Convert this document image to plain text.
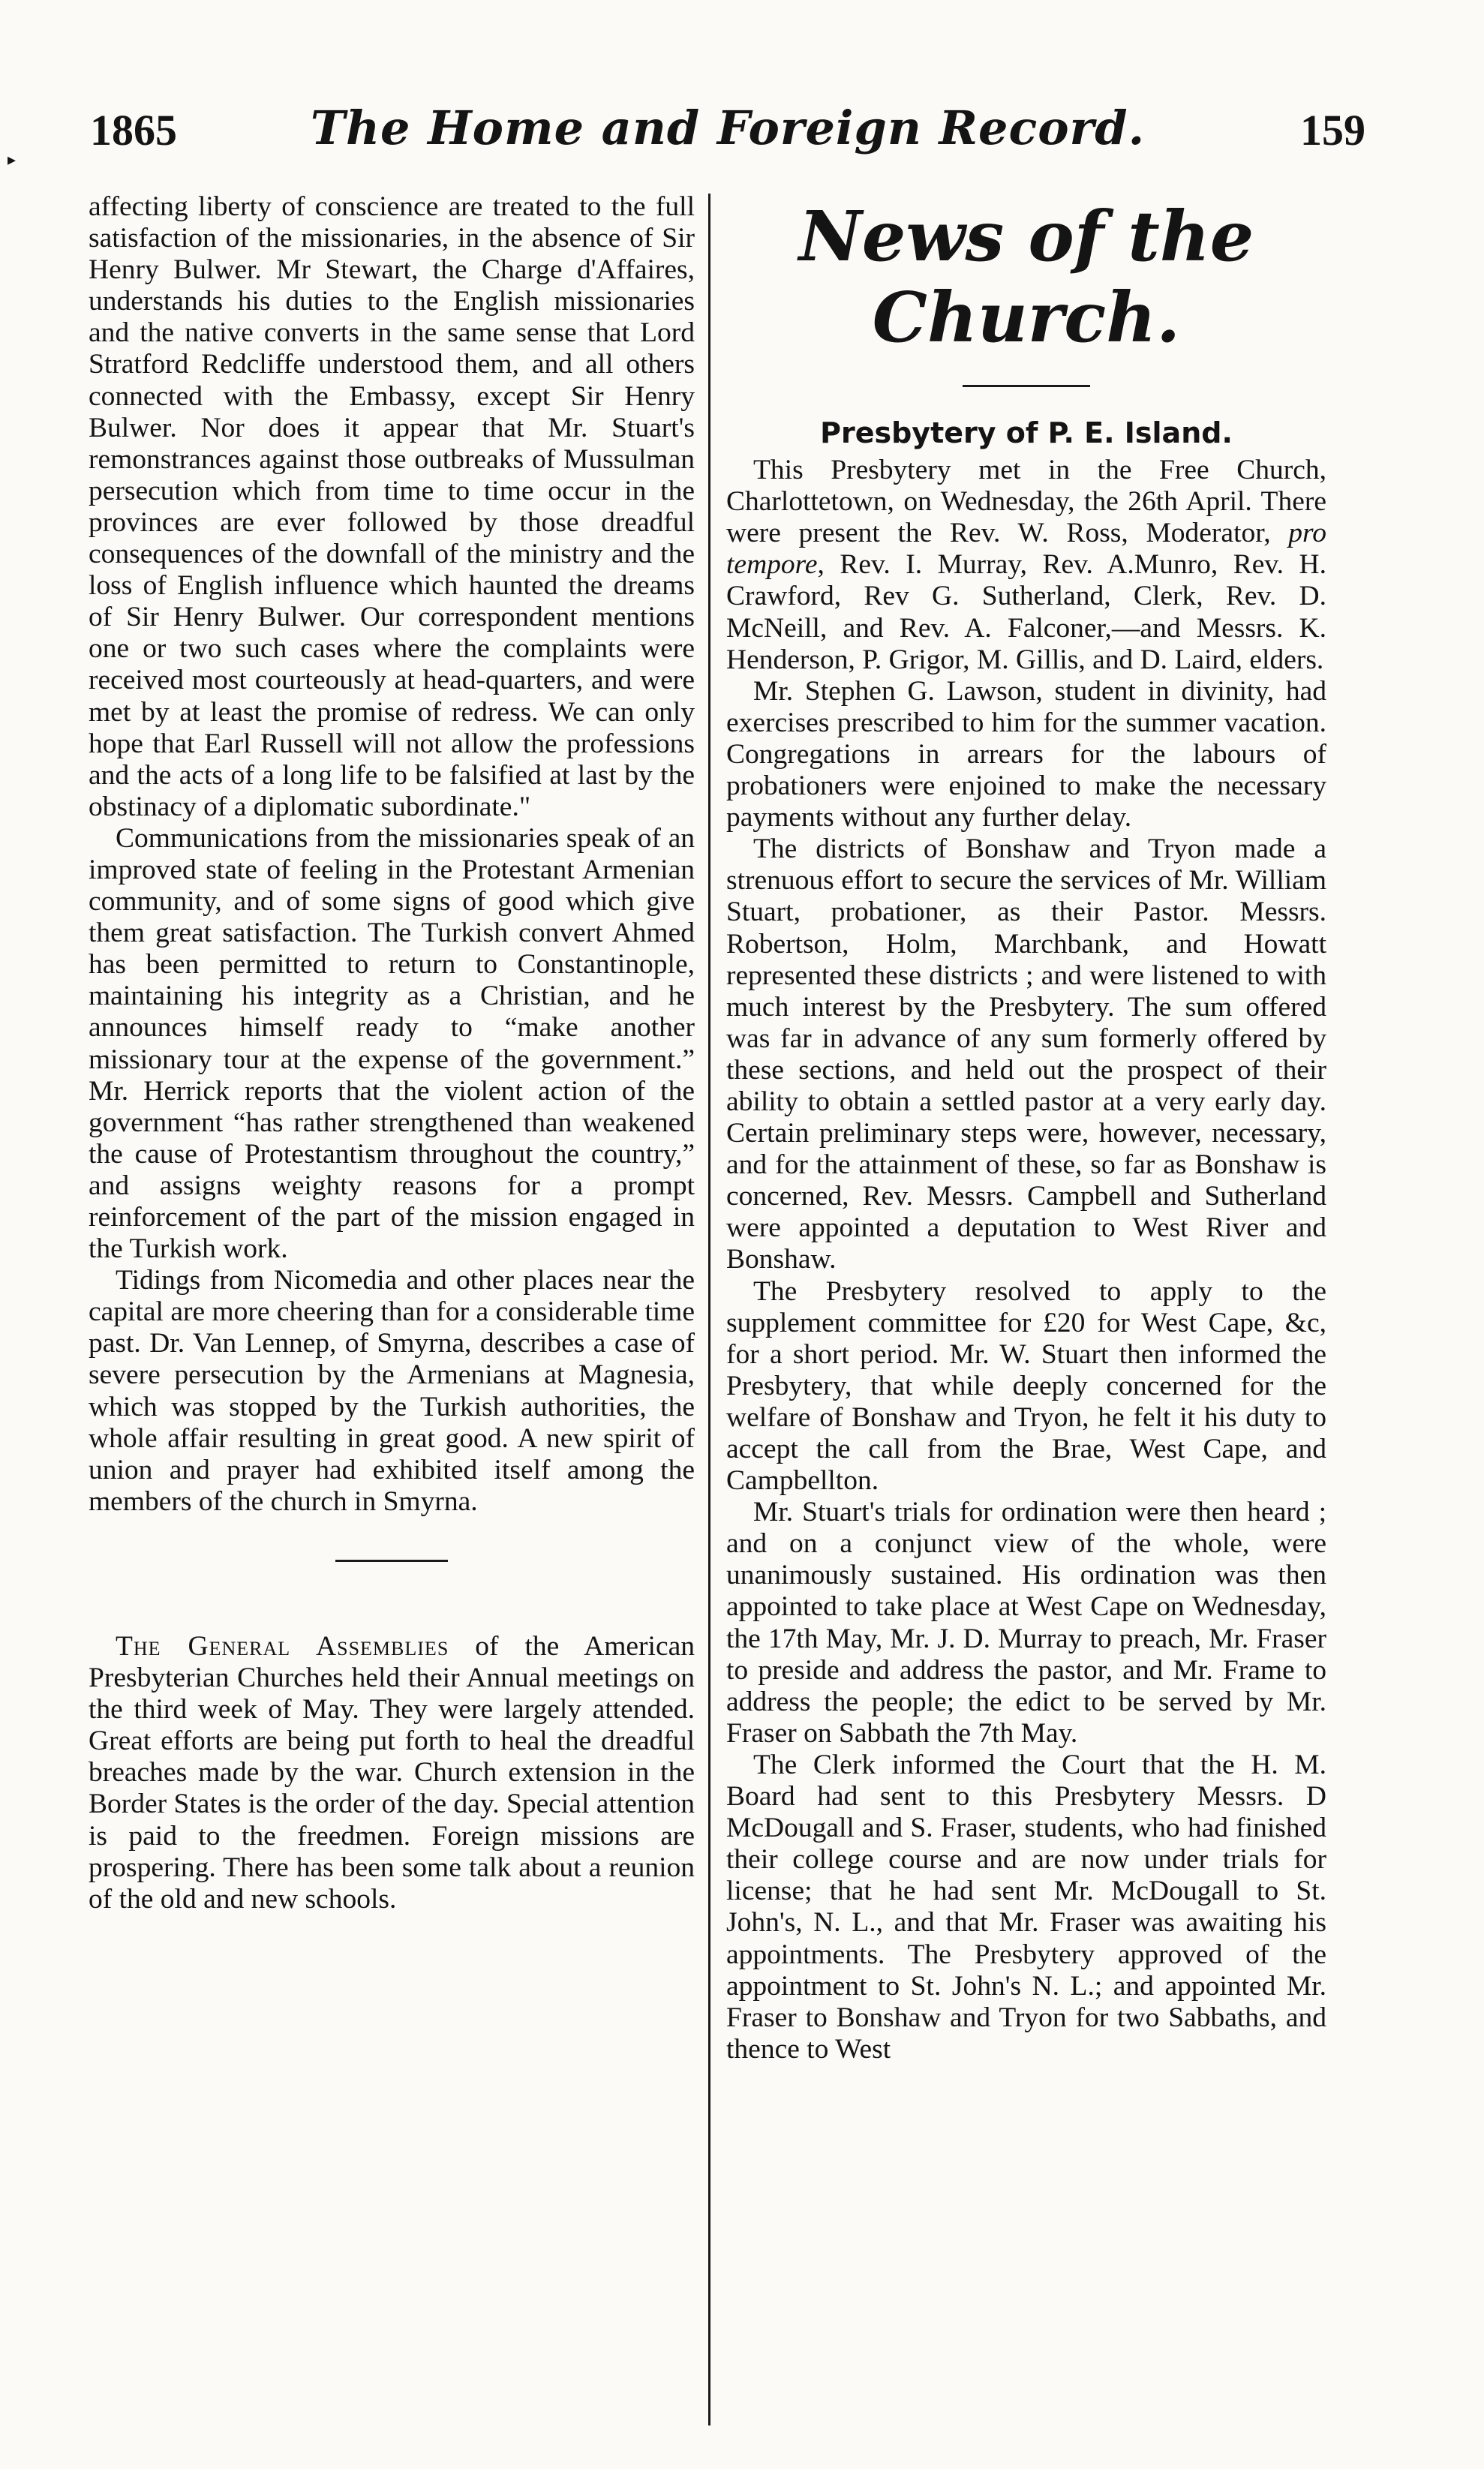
▸
1865	The Home and Foreign Record.	159

affecting liberty of conscience are treated to the full satisfaction of the missionaries, in the absence of Sir Henry Bulwer. Mr Stewart, the Charge d'Affaires, understands his duties to the English missionaries and the native converts in the same sense that Lord Stratford Redcliffe understood them, and all others connected with the Embassy, except Sir Henry Bulwer. Nor does it appear that Mr. Stuart's remonstrances against those outbreaks of Mussulman persecution which from time to time occur in the provinces are ever followed by those dreadful consequences of the downfall of the ministry and the loss of English influence which haunted the dreams of Sir Henry Bulwer. Our correspondent mentions one or two such cases where the complaints were received most courteously at head-quarters, and were met by at least the promise of redress. We can only hope that Earl Russell will not allow the professions and the acts of a long life to be falsified at last by the obstinacy of a diplomatic subordinate."

Communications from the missionaries speak of an improved state of feeling in the Protestant Armenian community, and of some signs of good which give them great satisfaction. The Turkish convert Ahmed has been permitted to return to Constantinople, maintaining his integrity as a Christian, and he announces himself ready to “make another missionary tour at the expense of the government.” Mr. Herrick reports that the violent action of the government “has rather strengthened than weakened the cause of Protestantism throughout the country,” and assigns weighty reasons for a prompt reinforcement of the part of the mission engaged in the Turkish work.

Tidings from Nicomedia and other places near the capital are more cheering than for a considerable time past. Dr. Van Lennep, of Smyrna, describes a case of severe persecution by the Armenians at Magnesia, which was stopped by the Turkish authorities, the whole affair resulting in great good. A new spirit of union and prayer had exhibited itself among the members of the church in Smyrna.

The General Assemblies of the American Presbyterian Churches held their Annual meetings on the third week of May. They were largely attended. Great efforts are being put forth to heal the dreadful breaches made by the war. Church extension in the Border States is the order of the day. Special attention is paid to the freedmen. Foreign missions are prospering. There has been some talk about a reunion of the old and new schools.

News of the Church.
Presbytery of P. E. Island.

This Presbytery met in the Free Church, Charlottetown, on Wednesday, the 26th April. There were present the Rev. W. Ross, Moderator, pro tempore, Rev. I. Murray, Rev. A.Munro, Rev. H. Crawford, Rev G. Sutherland, Clerk, Rev. D. McNeill, and Rev. A. Falconer,—and Messrs. K. Henderson, P. Grigor, M. Gillis, and D. Laird, elders.

Mr. Stephen G. Lawson, student in divinity, had exercises prescribed to him for the summer vacation. Congregations in arrears for the labours of probationers were enjoined to make the necessary payments without any further delay.

The districts of Bonshaw and Tryon made a strenuous effort to secure the services of Mr. William Stuart, probationer, as their Pastor. Messrs. Robertson, Holm, Marchbank, and Howatt represented these districts ; and were listened to with much interest by the Presbytery. The sum offered was far in advance of any sum formerly offered by these sections, and held out the prospect of their ability to obtain a settled pastor at a very early day. Certain preliminary steps were, however, necessary, and for the attainment of these, so far as Bonshaw is concerned, Rev. Messrs. Campbell and Sutherland were appointed a deputation to West River and Bonshaw.

The Presbytery resolved to apply to the supplement committee for £20 for West Cape, &c, for a short period. Mr. W. Stuart then informed the Presbytery, that while deeply concerned for the welfare of Bonshaw and Tryon, he felt it his duty to accept the call from the Brae, West Cape, and Campbellton.

Mr. Stuart's trials for ordination were then heard ; and on a conjunct view of the whole, were unanimously sustained. His ordination was then appointed to take place at West Cape on Wednesday, the 17th May, Mr. J. D. Murray to preach, Mr. Fraser to preside and address the pastor, and Mr. Frame to address the people; the edict to be served by Mr. Fraser on Sabbath the 7th May.

The Clerk informed the Court that the H. M. Board had sent to this Presbytery Messrs. D McDougall and S. Fraser, students, who had finished their college course and are now under trials for license; that he had sent Mr. McDougall to St. John's, N. L., and that Mr. Fraser was awaiting his appointments. The Presbytery approved of the appointment to St. John's N. L.; and appointed Mr. Fraser to Bonshaw and Tryon for two Sabbaths, and thence to West
